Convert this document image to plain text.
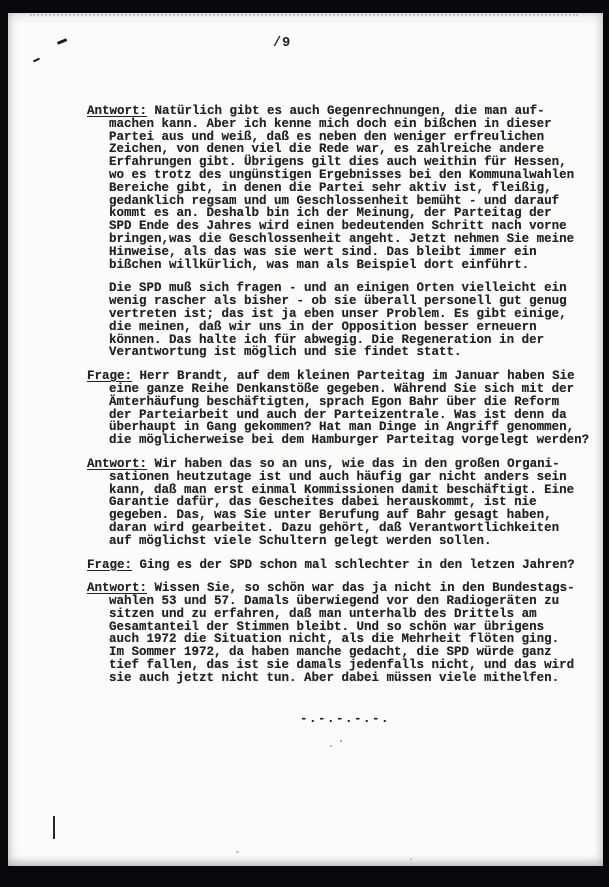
/9
Antwort: Natürlich gibt es auch Gegenrechnungen, die man auf-
machen kann. Aber ich kenne mich doch ein bißchen in dieser
Partei aus und weiß, daß es neben den weniger erfreulichen
Zeichen, von denen viel die Rede war, es zahlreiche andere
Erfahrungen gibt. Übrigens gilt dies auch weithin für Hessen,
wo es trotz des ungünstigen Ergebnisses bei den Kommunalwahlen
Bereiche gibt, in denen die Partei sehr aktiv ist, fleißig,
gedanklich regsam und um Geschlossenheit bemüht - und darauf
kommt es an. Deshalb bin ich der Meinung, der Parteitag der
SPD Ende des Jahres wird einen bedeutenden Schritt nach vorne
bringen,was die Geschlossenheit angeht. Jetzt nehmen Sie meine
Hinweise, als das was sie wert sind. Das bleibt immer ein
bißchen willkürlich, was man als Beispiel dort einführt.
Die SPD muß sich fragen - und an einigen Orten vielleicht ein
wenig rascher als bisher - ob sie überall personell gut genug
vertreten ist; das ist ja eben unser Problem. Es gibt einige,
die meinen, daß wir uns in der Opposition besser erneuern
können. Das halte ich für abwegig. Die Regeneration in der
Verantwortung ist möglich und sie findet statt.
Frage: Herr Brandt, auf dem kleinen Parteitag im Januar haben Sie
eine ganze Reihe Denkanstöße gegeben. Während Sie sich mit der
Ämterhäufung beschäftigten, sprach Egon Bahr über die Reform
der Parteiarbeit und auch der Parteizentrale. Was ist denn da
überhaupt in Gang gekommen? Hat man Dinge in Angriff genommen,
die möglicherweise bei dem Hamburger Parteitag vorgelegt werden?
Antwort: Wir haben das so an uns, wie das in den großen Organi-
sationen heutzutage ist und auch häufig gar nicht anders sein
kann, daß man erst einmal Kommissionen damit beschäftigt. Eine
Garantie dafür, das Gescheites dabei herauskommt, ist nie
gegeben. Das, was Sie unter Berufung auf Bahr gesagt haben,
daran wird gearbeitet. Dazu gehört, daß Verantwortlichkeiten
auf möglichst viele Schultern gelegt werden sollen.
Frage: Ging es der SPD schon mal schlechter in den letzen Jahren?
Antwort: Wissen Sie, so schön war das ja nicht in den Bundestags-
wahlen 53 und 57. Damals überwiegend vor den Radiogeräten zu
sitzen und zu erfahren, daß man unterhalb des Drittels am
Gesamtanteil der Stimmen bleibt. Und so schön war übrigens
auch 1972 die Situation nicht, als die Mehrheit flöten ging.
Im Sommer 1972, da haben manche gedacht, die SPD würde ganz
tief fallen, das ist sie damals jedenfalls nicht, und das wird
sie auch jetzt nicht tun. Aber dabei müssen viele mithelfen.
-.-.-.-.-.
